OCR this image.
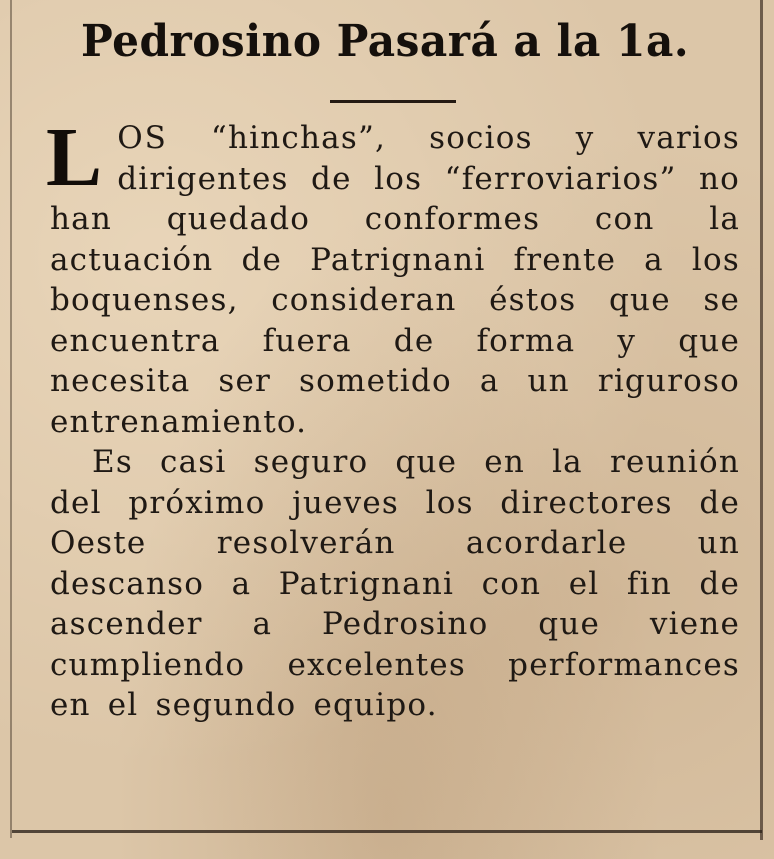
Pedrosino Pasará a la 1a.

LOS “hinchas”, socios y varios dirigentes de los “ferroviarios” no han quedado conformes con la actuación de Patrignani frente a los boquenses, consideran éstos que se encuentra fuera de forma y que necesita ser sometido a un riguroso entrenamiento.

Es casi seguro que en la reunión del próximo jueves los directores de Oeste resolverán acordarle un descanso a Patrignani con el fin de ascender a Pedrosino que viene cumpliendo excelentes performances en el segundo equipo.
